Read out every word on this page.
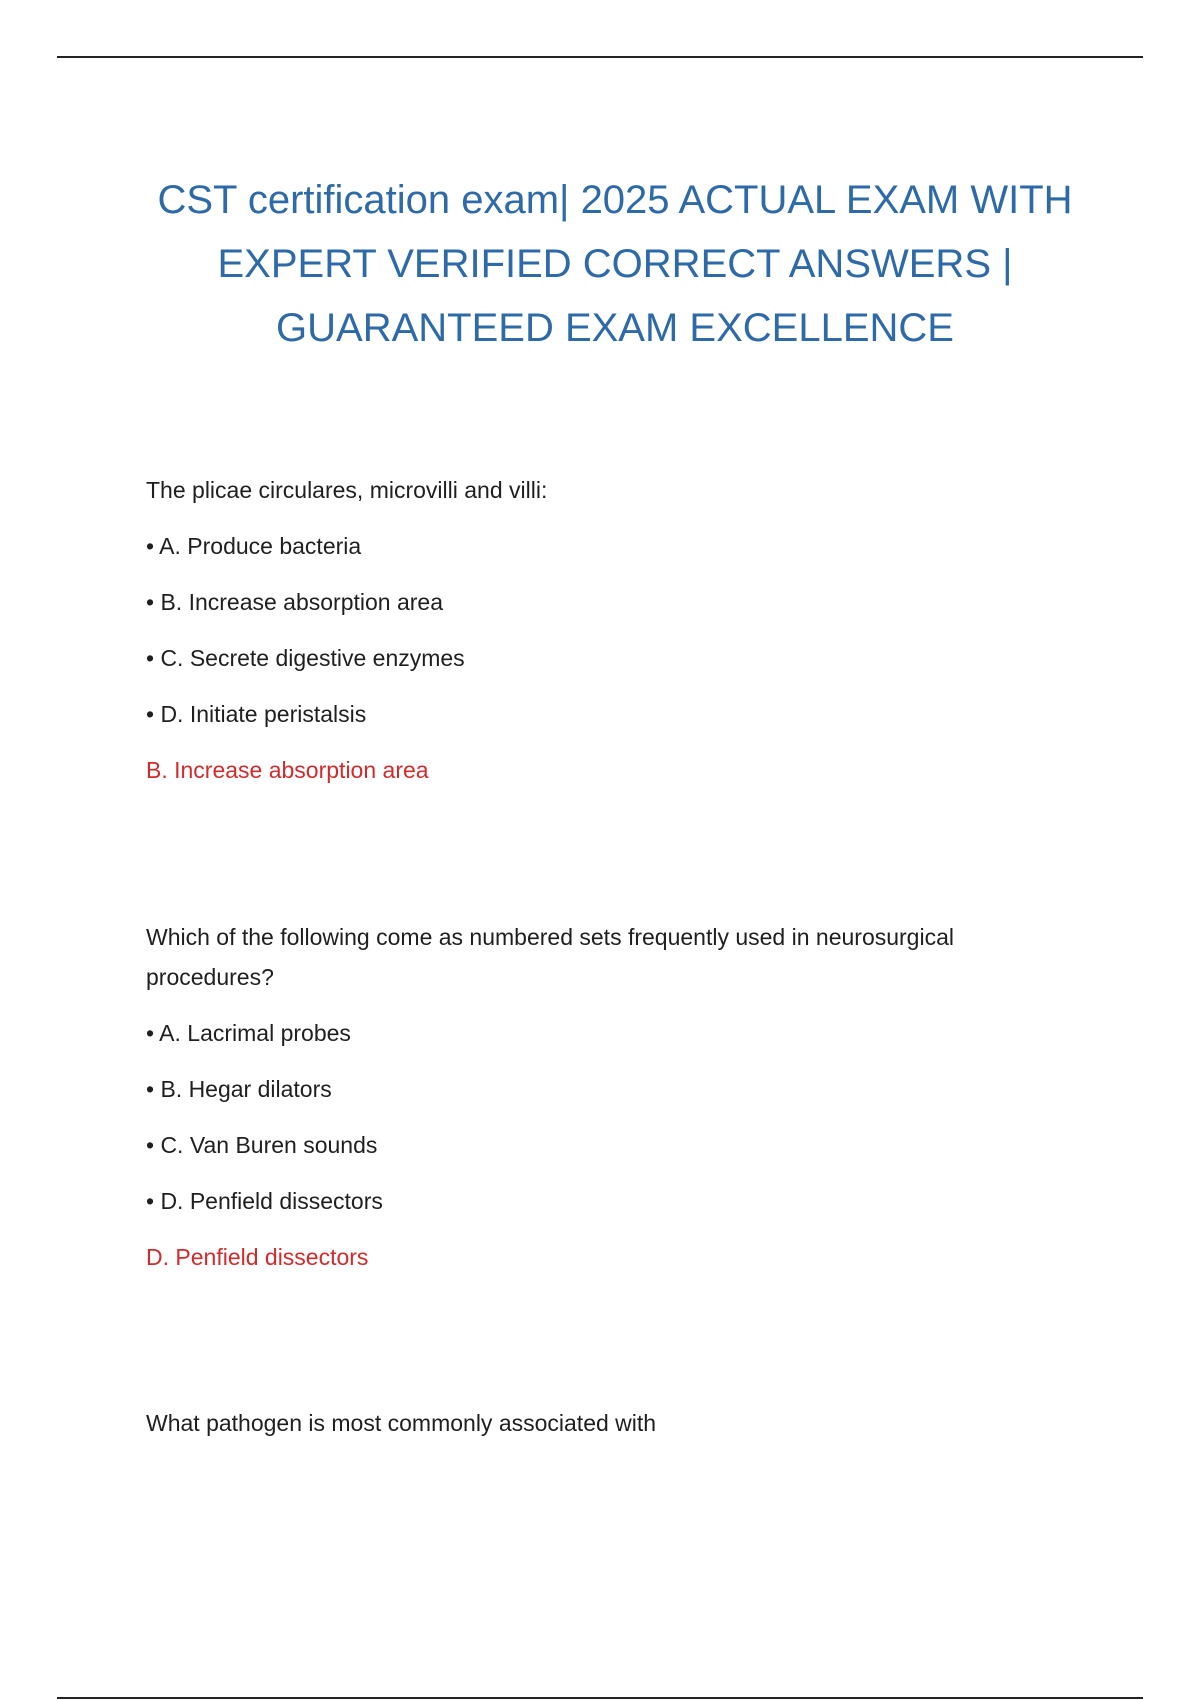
CST certification exam| 2025 ACTUAL EXAM WITH EXPERT VERIFIED CORRECT ANSWERS | GUARANTEED EXAM EXCELLENCE

The plicae circulares, microvilli and villi:

• A. Produce bacteria

• B. Increase absorption area

• C. Secrete digestive enzymes

• D. Initiate peristalsis

B. Increase absorption area

Which of the following come as numbered sets frequently used in neurosurgical procedures?

• A. Lacrimal probes

• B. Hegar dilators

• C. Van Buren sounds

• D. Penfield dissectors

D. Penfield dissectors

What pathogen is most commonly associated with
